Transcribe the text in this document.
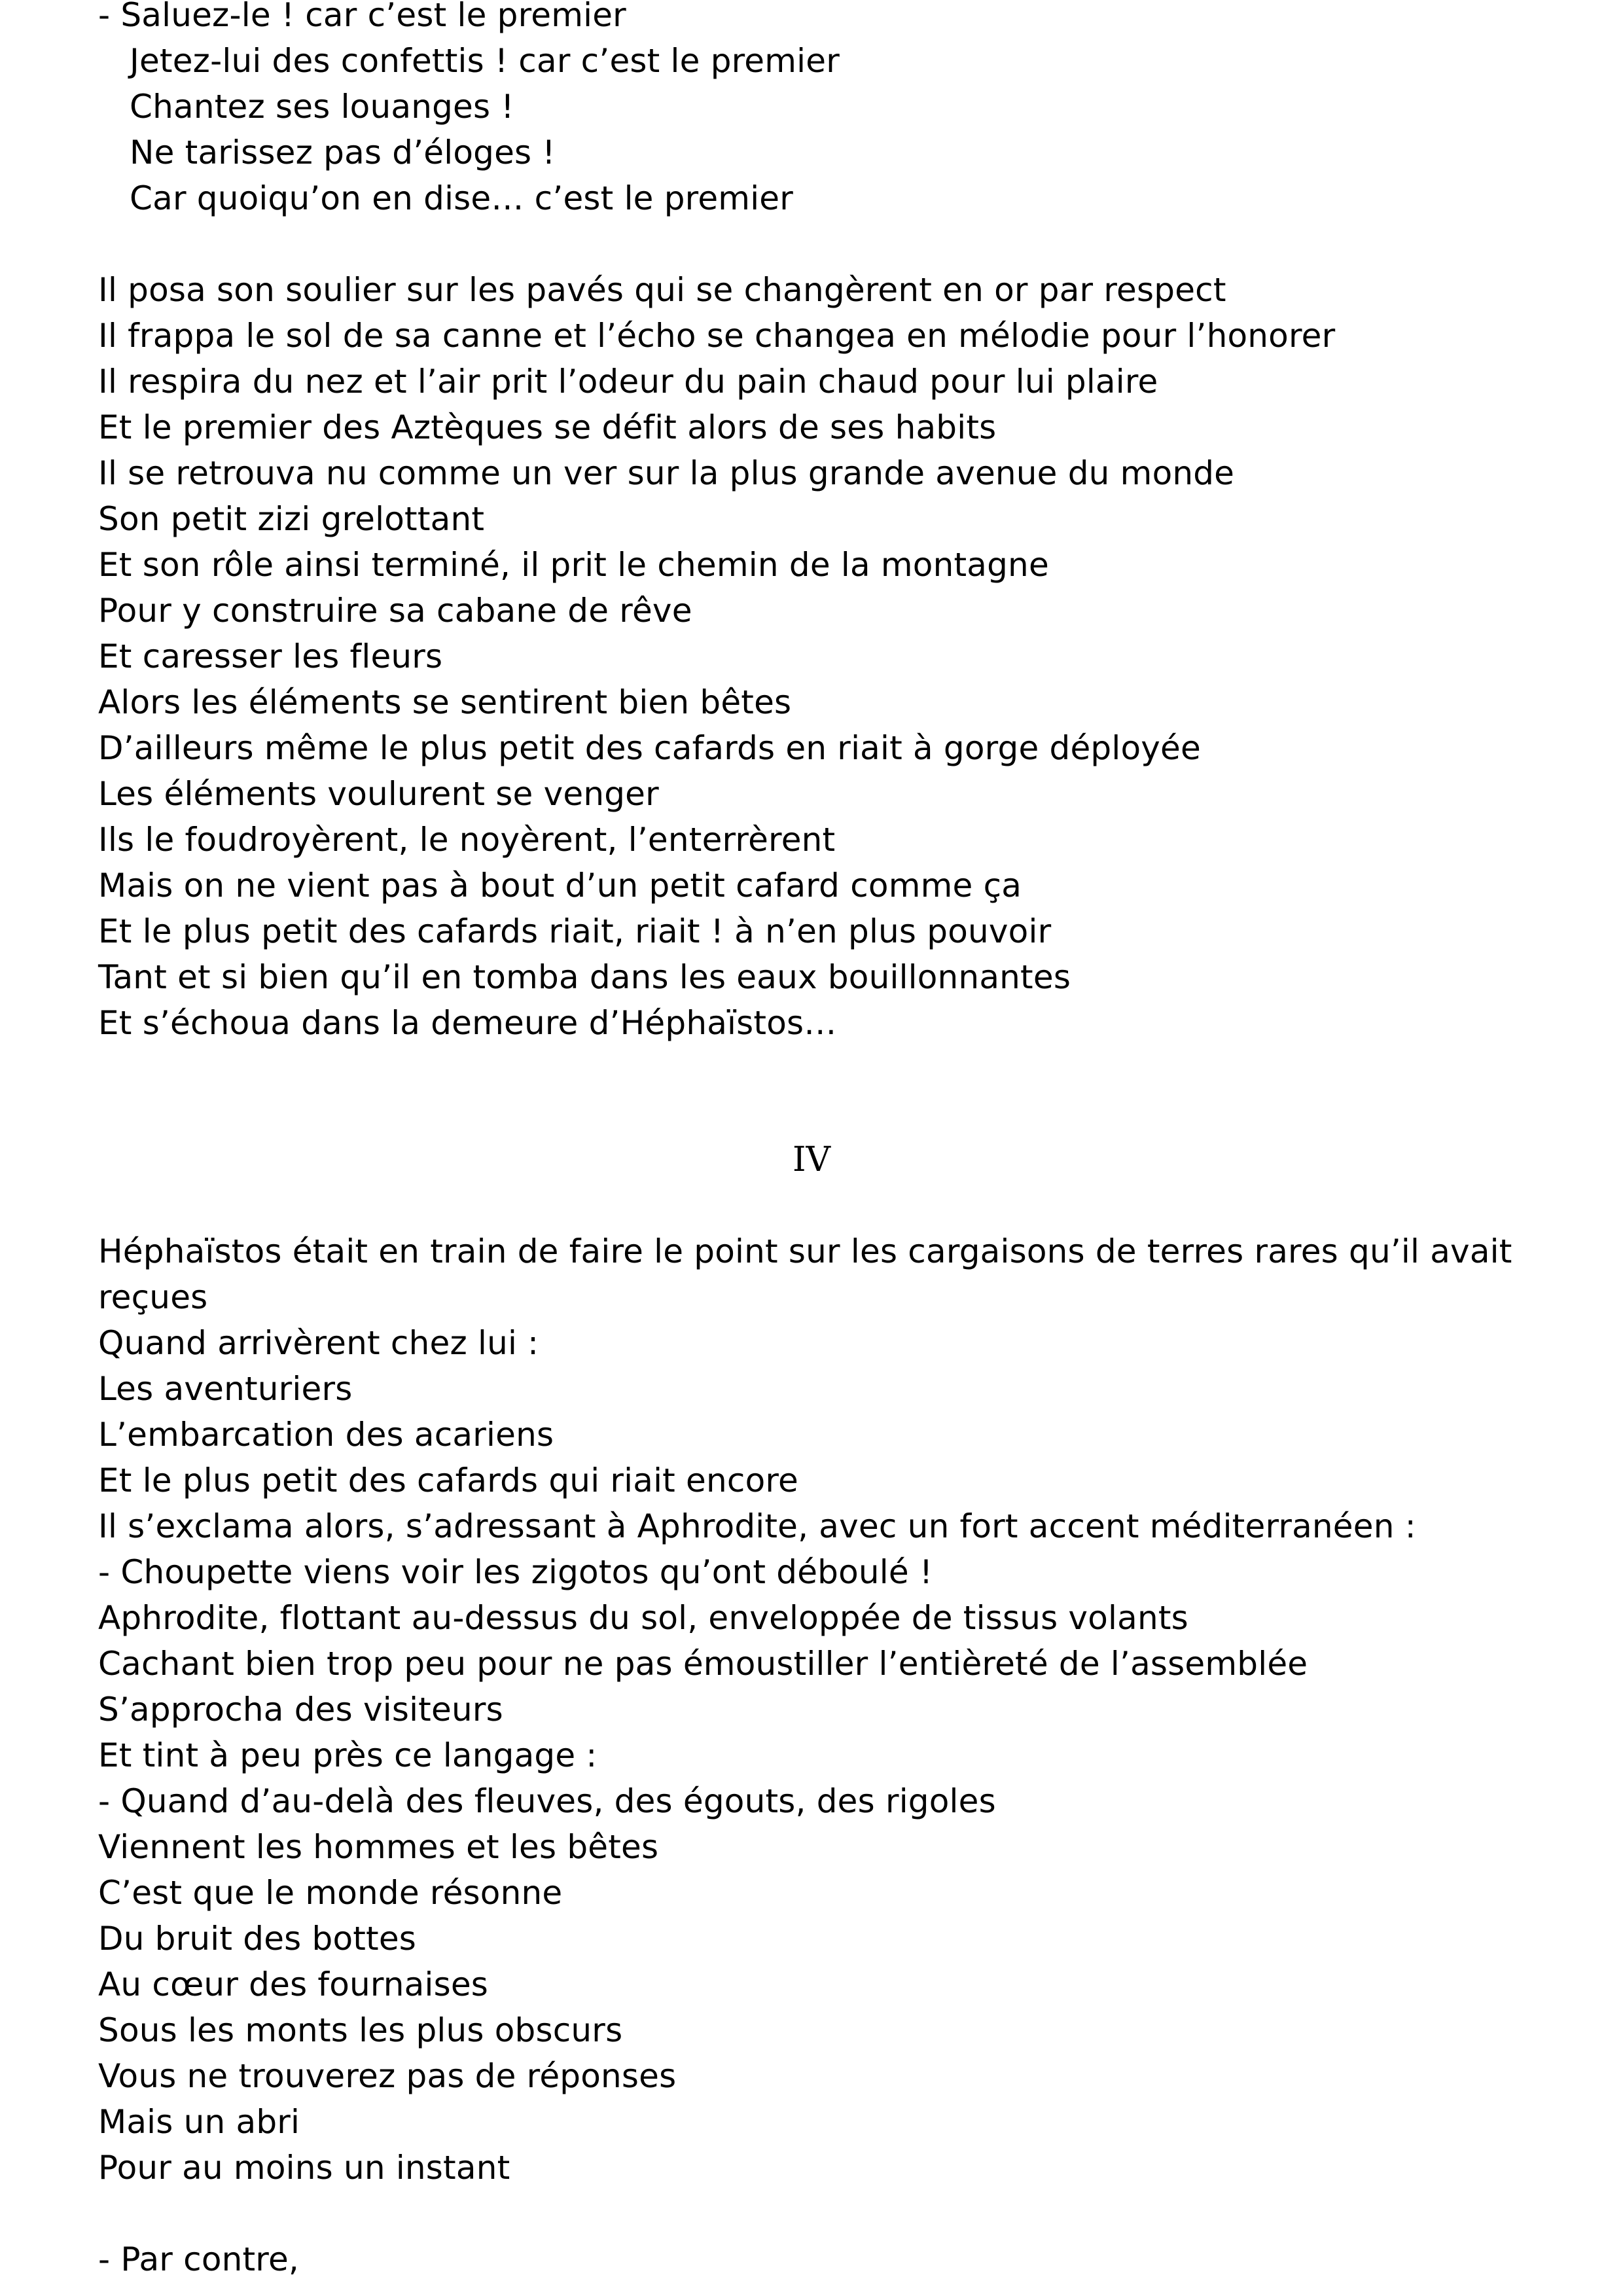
- Saluez-le ! car c’est le premier
Jetez-lui des confettis ! car c’est le premier
Chantez ses louanges !
Ne tarissez pas d’éloges !
Car quoiqu’on en dise… c’est le premier
Il posa son soulier sur les pavés qui se changèrent en or par respect
Il frappa le sol de sa canne et l’écho se changea en mélodie pour l’honorer
Il respira du nez et l’air prit l’odeur du pain chaud pour lui plaire
Et le premier des Aztèques se défit alors de ses habits
Il se retrouva nu comme un ver sur la plus grande avenue du monde
Son petit zizi grelottant
Et son rôle ainsi terminé, il prit le chemin de la montagne
Pour y construire sa cabane de rêve
Et caresser les fleurs
Alors les éléments se sentirent bien bêtes
D’ailleurs même le plus petit des cafards en riait à gorge déployée
Les éléments voulurent se venger
Ils le foudroyèrent, le noyèrent, l’enterrèrent
Mais on ne vient pas à bout d’un petit cafard comme ça
Et le plus petit des cafards riait, riait ! à n’en plus pouvoir
Tant et si bien qu’il en tomba dans les eaux bouillonnantes
Et s’échoua dans la demeure d’Héphaïstos…
IV
Héphaïstos était en train de faire le point sur les cargaisons de terres rares qu’il avait
reçues
Quand arrivèrent chez lui :
Les aventuriers
L’embarcation des acariens
Et le plus petit des cafards qui riait encore
Il s’exclama alors, s’adressant à Aphrodite, avec un fort accent méditerranéen :
- Choupette viens voir les zigotos qu’ont déboulé !
Aphrodite, flottant au-dessus du sol, enveloppée de tissus volants
Cachant bien trop peu pour ne pas émoustiller l’entièreté de l’assemblée
S’approcha des visiteurs
Et tint à peu près ce langage :
- Quand d’au-delà des fleuves, des égouts, des rigoles
Viennent les hommes et les bêtes
C’est que le monde résonne
Du bruit des bottes
Au cœur des fournaises
Sous les monts les plus obscurs
Vous ne trouverez pas de réponses
Mais un abri
Pour au moins un instant
- Par contre,
